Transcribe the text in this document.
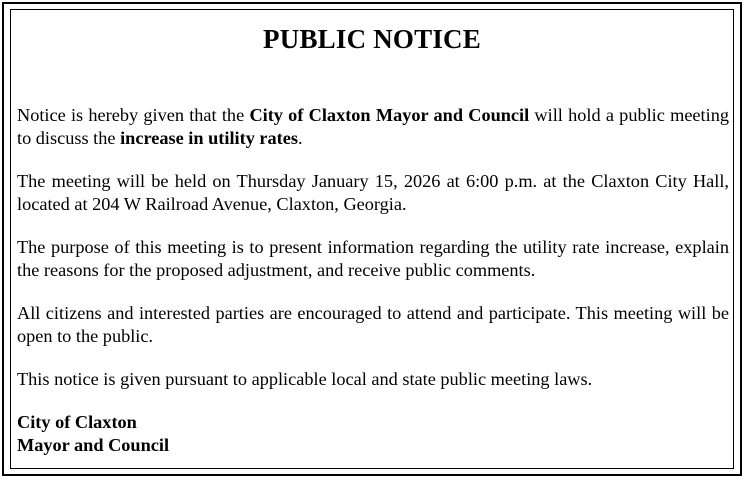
PUBLIC NOTICE

Notice is hereby given that the City of Claxton Mayor and Council will hold a public meeting to discuss the increase in utility rates.

The meeting will be held on Thursday January 15, 2026 at 6:00 p.m. at the Claxton City Hall, located at 204 W Railroad Avenue, Claxton, Georgia.

The purpose of this meeting is to present information regarding the utility rate increase, explain the reasons for the proposed adjustment, and receive public comments.

All citizens and interested parties are encouraged to attend and participate. This meeting will be open to the public.

This notice is given pursuant to applicable local and state public meeting laws.

City of Claxton

Mayor and Council
